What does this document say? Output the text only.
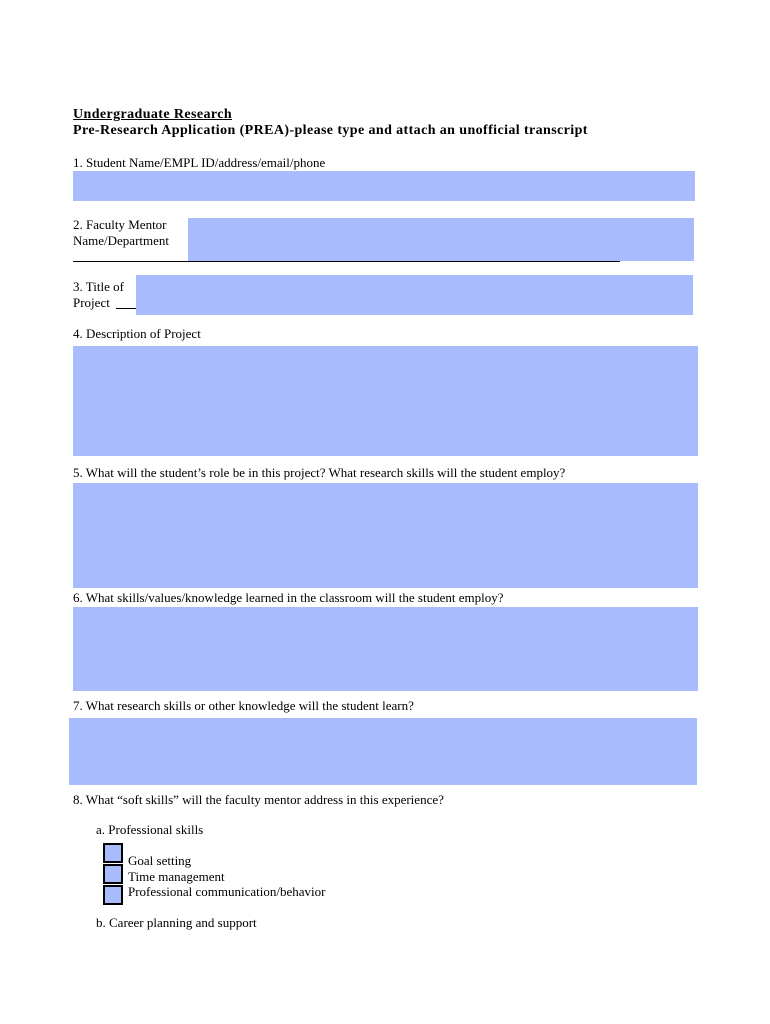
Undergraduate Research
Pre-Research Application (PREA)-please type and attach an unofficial transcript
1. Student Name/EMPL ID/address/email/phone
2. Faculty Mentor
Name/Department
3. Title of
Project
4. Description of Project
5. What will the student’s role be in this project? What research skills will the student employ?
6. What skills/values/knowledge learned in the classroom will the student employ?
7. What research skills or other knowledge will the student learn?
8. What “soft skills” will the faculty mentor address in this experience?
a. Professional skills
Goal setting
Time management
Professional communication/behavior
b. Career planning and support
